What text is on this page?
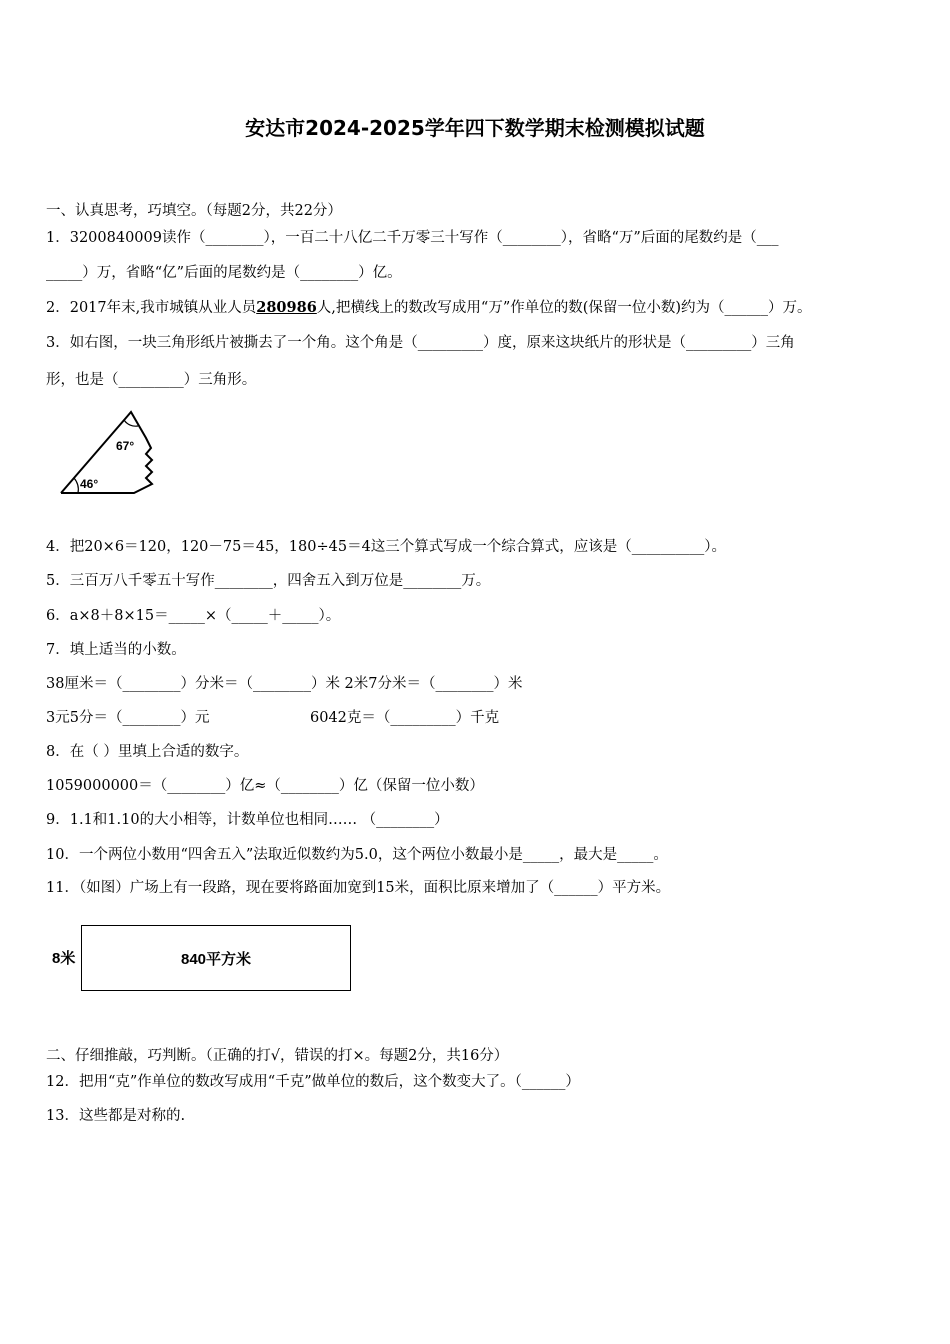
安达市2024-2025学年四下数学期末检测模拟试题
一、认真思考，巧填空。（每题2分，共22分）
1．3200840009读作（________），一百二十八亿二千万零三十写作（________），省略“万”后面的尾数约是（___
_____）万，省略“亿”后面的尾数约是（________）亿。
2．2017年末,我市城镇从业人员280986人,把横线上的数改写成用“万”作单位的数(保留一位小数)约为（______）万。
3．如右图，一块三角形纸片被撕去了一个角。这个角是（_________）度，原来这块纸片的形状是（_________）三角
形，也是（_________）三角形。
67°
46°
4．把20×6＝120，120－75＝45，180÷45＝4这三个算式写成一个综合算式，应该是（__________）。
5．三百万八千零五十写作________，四舍五入到万位是________万。
6．a×8＋8×15＝_____×（_____＋_____）。
7．填上适当的小数。
38厘米＝（________）分米＝（________）米 2米7分米＝（________）米
3元5分＝（________）元	6042克＝（_________）千克
8．在（ ）里填上合适的数字。
1059000000＝（________）亿≈（________）亿（保留一位小数）
9．1.1和1.10的大小相等，计数单位也相同…… （________）
10．一个两位小数用“四舍五入”法取近似数约为5.0，这个两位小数最小是_____，最大是_____。
11．（如图）广场上有一段路，现在要将路面加宽到15米，面积比原来增加了（______）平方米。
8米	840平方米
二、仔细推敲，巧判断。（正确的打√，错误的打×。每题2分，共16分）
12．把用“克”作单位的数改写成用“千克”做单位的数后，这个数变大了。（______）
13．这些都是对称的.
